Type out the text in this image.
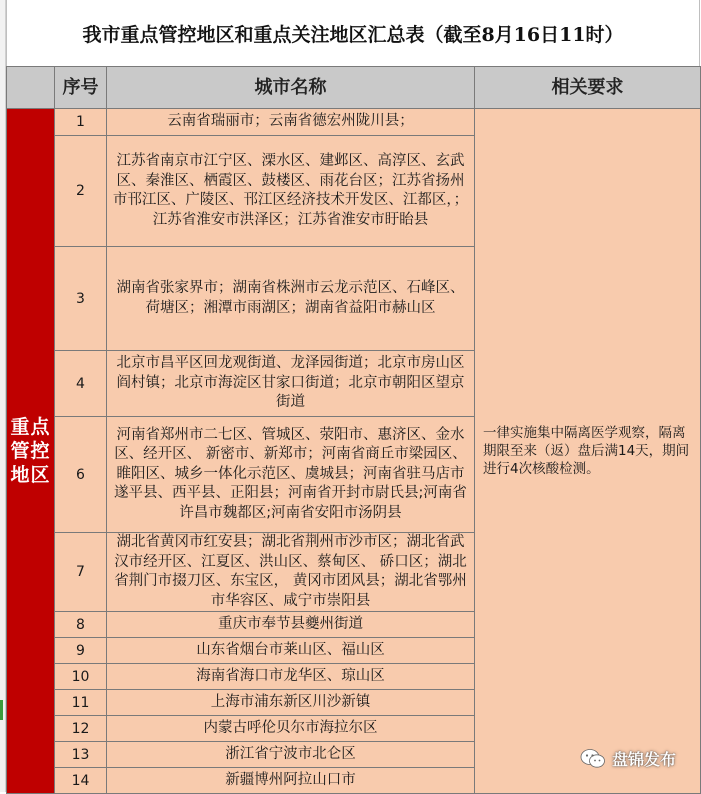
我市重点管控地区和重点关注地区汇总表（截至8月16日11时）
	序号	城市名称	相关要求
重点管控地区	1	云南省瑞丽市；云南省德宏州陇川县；	一律实施集中隔离医学观察，隔离期限至来（返）盘后满14天，期间进行4次核酸检测。
	2	江苏省南京市江宁区、溧水区、建邺区、高淳区、玄武区、秦淮区、栖霞区、鼓楼区、雨花台区；江苏省扬州市邗江区、广陵区、邗江区经济技术开发区、江都区，；江苏省淮安市洪泽区；江苏省淮安市盱眙县	
	3	湖南省张家界市；湖南省株洲市云龙示范区、石峰区、荷塘区；湘潭市雨湖区；湖南省益阳市赫山区	
	4	北京市昌平区回龙观街道、龙泽园街道；北京市房山区阎村镇；北京市海淀区甘家口街道；北京市朝阳区望京街道	
	6	河南省郑州市二七区、管城区、荥阳市、惠济区、金水区、经开区、 新密市、新郑市；河南省商丘市梁园区、睢阳区、城乡一体化示范区、虞城县；河南省驻马店市遂平县、西平县、正阳县；河南省开封市尉氏县;河南省许昌市魏都区;河南省安阳市汤阴县	
	7	湖北省黄冈市红安县；湖北省荆州市沙市区；湖北省武汉市经开区、江夏区、洪山区、蔡甸区、 硚口区；湖北省荆门市掇刀区、东宝区， 黄冈市团风县；湖北省鄂州市华容区、咸宁市崇阳县	
	8	重庆市奉节县夔州街道	
	9	山东省烟台市莱山区、福山区	
	10	海南省海口市龙华区、琼山区	
	11	上海市浦东新区川沙新镇	
	12	内蒙古呼伦贝尔市海拉尔区	
	13	浙江省宁波市北仑区	
	14	新疆博州阿拉山口市	
盘锦发布
